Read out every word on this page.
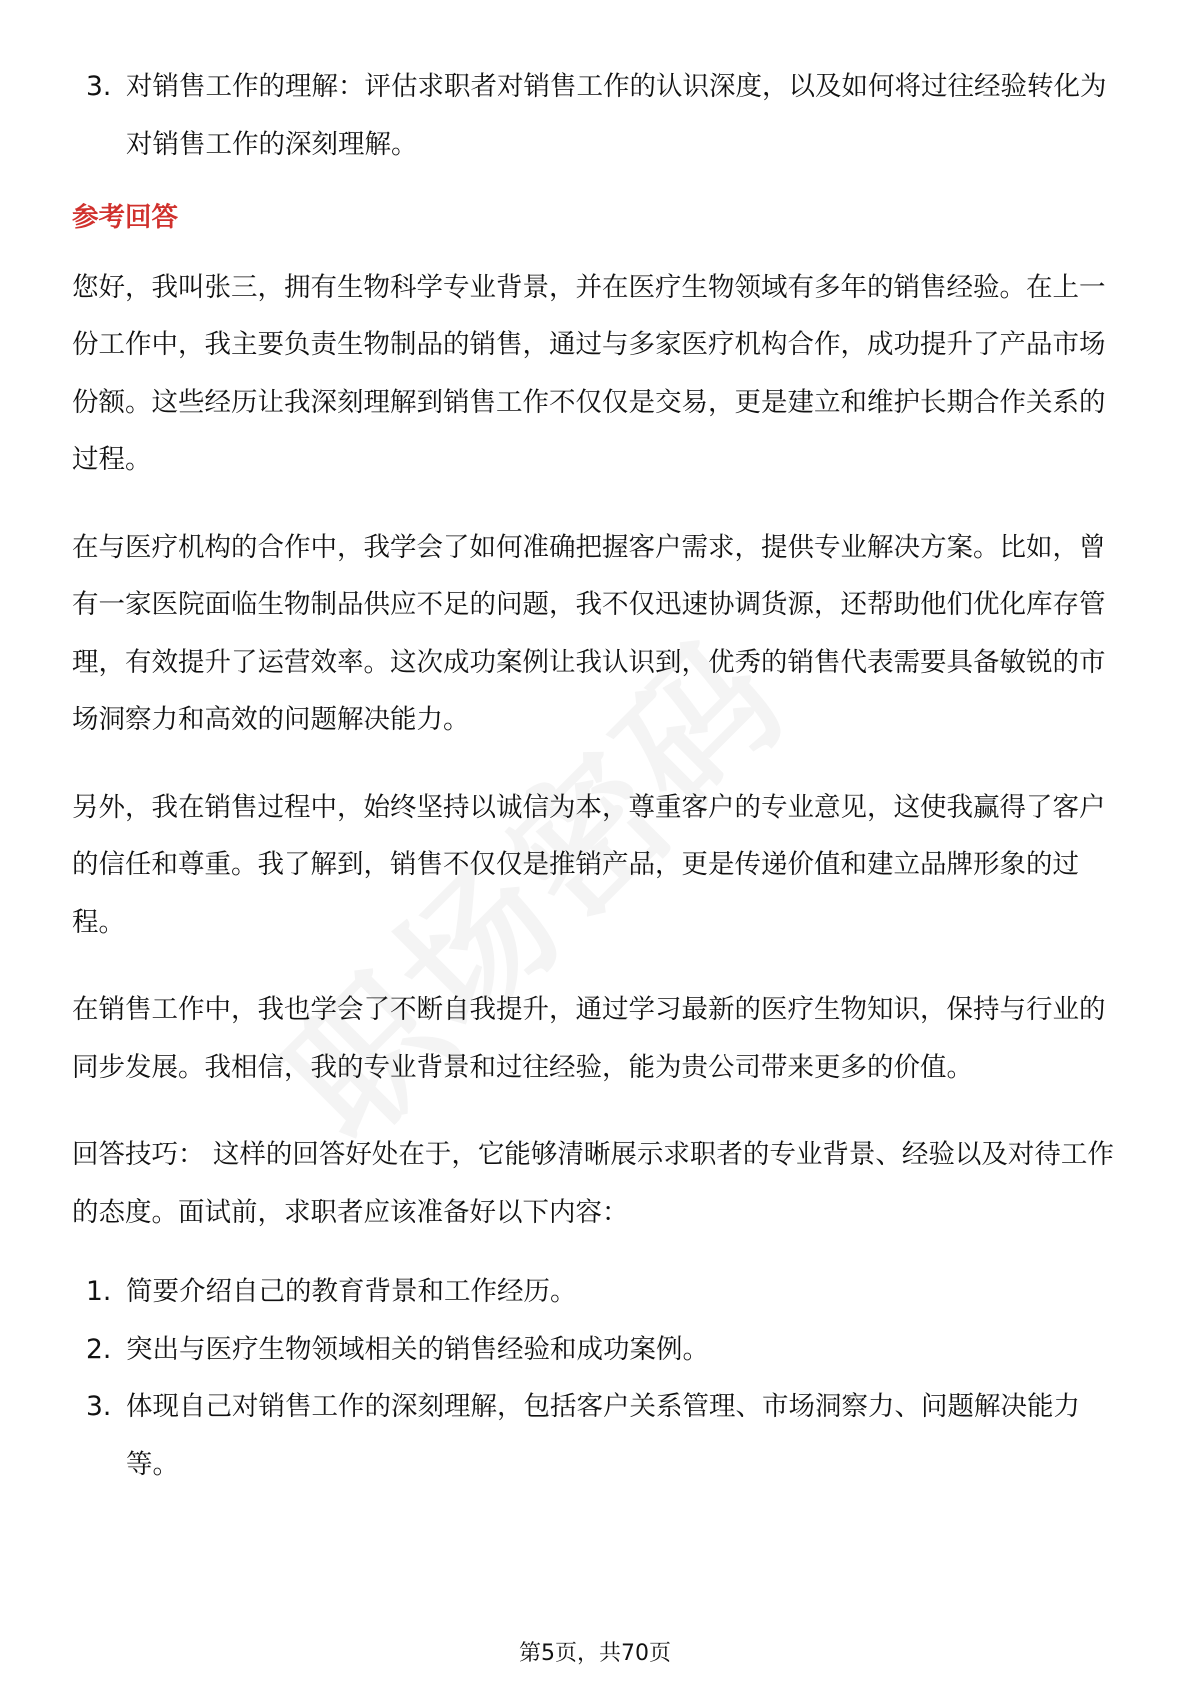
3. 对销售工作的理解：评估求职者对销售工作的认识深度，以及如何将过往经验转化为对销售工作的深刻理解。
参考回答

您好，我叫张三，拥有生物科学专业背景，并在医疗生物领域有多年的销售经验。在上一份工作中，我主要负责生物制品的销售，通过与多家医疗机构合作，成功提升了产品市场份额。这些经历让我深刻理解到销售工作不仅仅是交易，更是建立和维护长期合作关系的过程。

在与医疗机构的合作中，我学会了如何准确把握客户需求，提供专业解决方案。比如，曾有一家医院面临生物制品供应不足的问题，我不仅迅速协调货源，还帮助他们优化库存管理，有效提升了运营效率。这次成功案例让我认识到，优秀的销售代表需要具备敏锐的市场洞察力和高效的问题解决能力。

另外，我在销售过程中，始终坚持以诚信为本，尊重客户的专业意见，这使我赢得了客户的信任和尊重。我了解到，销售不仅仅是推销产品，更是传递价值和建立品牌形象的过程。

在销售工作中，我也学会了不断自我提升，通过学习最新的医疗生物知识，保持与行业的同步发展。我相信，我的专业背景和过往经验，能为贵公司带来更多的价值。

回答技巧： 这样的回答好处在于，它能够清晰展示求职者的专业背景、经验以及对待工作的态度。面试前，求职者应该准备好以下内容：

1. 简要介绍自己的教育背景和工作经历。
2. 突出与医疗生物领域相关的销售经验和成功案例。
3. 体现自己对销售工作的深刻理解，包括客户关系管理、市场洞察力、问题解决能力等。
第5页，共70页
